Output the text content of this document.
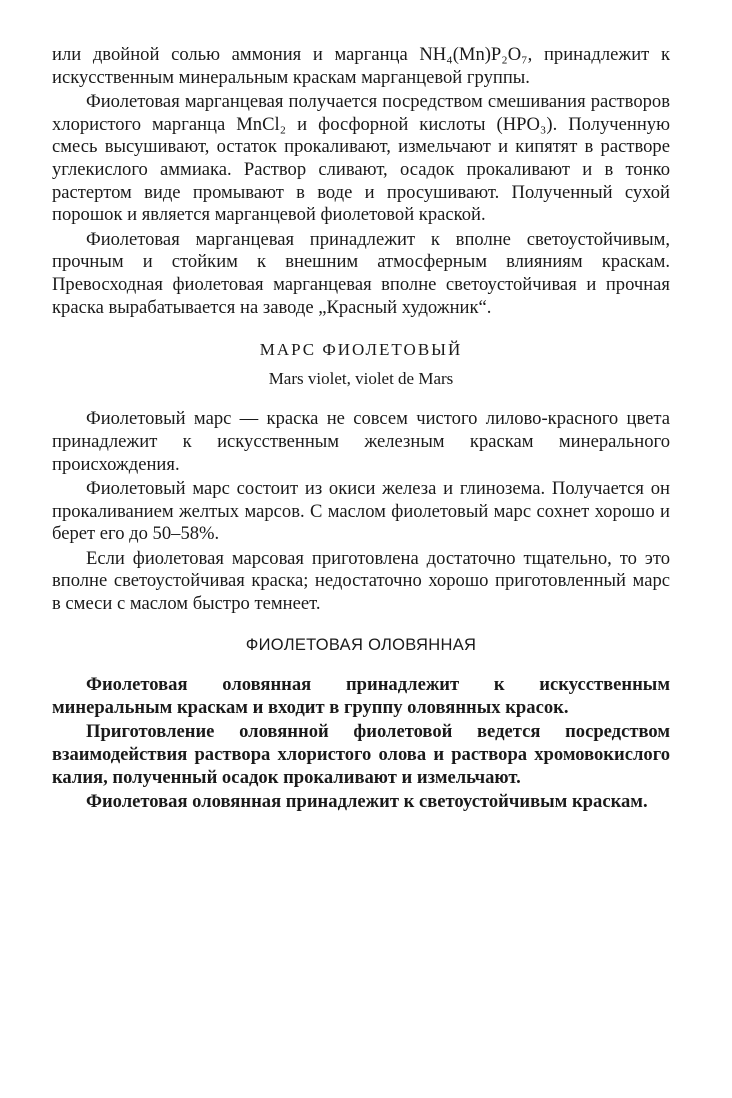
или двойной солью аммония и марганца NH₄(Mn)P₂O₇, принадлежит к искусственным минеральным краскам марганцевой группы.

Фиолетовая марганцевая получается посредством смешивания растворов хлористого марганца MnCl₂ и фосфорной кислоты (HPO₃). Полученную смесь высушивают, остаток прокаливают, измельчают и кипятят в растворе углекислого аммиака. Раствор сливают, осадок прокаливают и в тонко растертом виде промывают в воде и просушивают. Полученный сухой порошок и является марганцевой фиолетовой краской.

Фиолетовая марганцевая принадлежит к вполне светоустойчивым, прочным и стойким к внешним атмосферным влияниям краскам. Превосходная фиолетовая марганцевая вполне светоустойчивая и прочная краска вырабатывается на заводе „Красный художник“.

МАРС ФИОЛЕТОВЫЙ
Mars violet, violet de Mars

Фиолетовый марс — краска не совсем чистого лилово-красного цвета принадлежит к искусственным железным краскам минерального происхождения.

Фиолетовый марс состоит из окиси железа и глинозема. Получается он прокаливанием желтых марсов. С маслом фиолетовый марс сохнет хорошо и берет его до 50–58%.

Если фиолетовая марсовая приготовлена достаточно тщательно, то это вполне светоустойчивая краска; недостаточно хорошо приготовленный марс в смеси с маслом быстро темнеет.

ФИОЛЕТОВАЯ ОЛОВЯННАЯ

Фиолетовая оловянная принадлежит к искусственным минеральным краскам и входит в группу оловянных красок.

Приготовление оловянной фиолетовой ведется посредством взаимодействия раствора хлористого олова и раствора хромовокислого калия, полученный осадок прокаливают и измельчают.

Фиолетовая оловянная принадлежит к светоустойчивым краскам.
